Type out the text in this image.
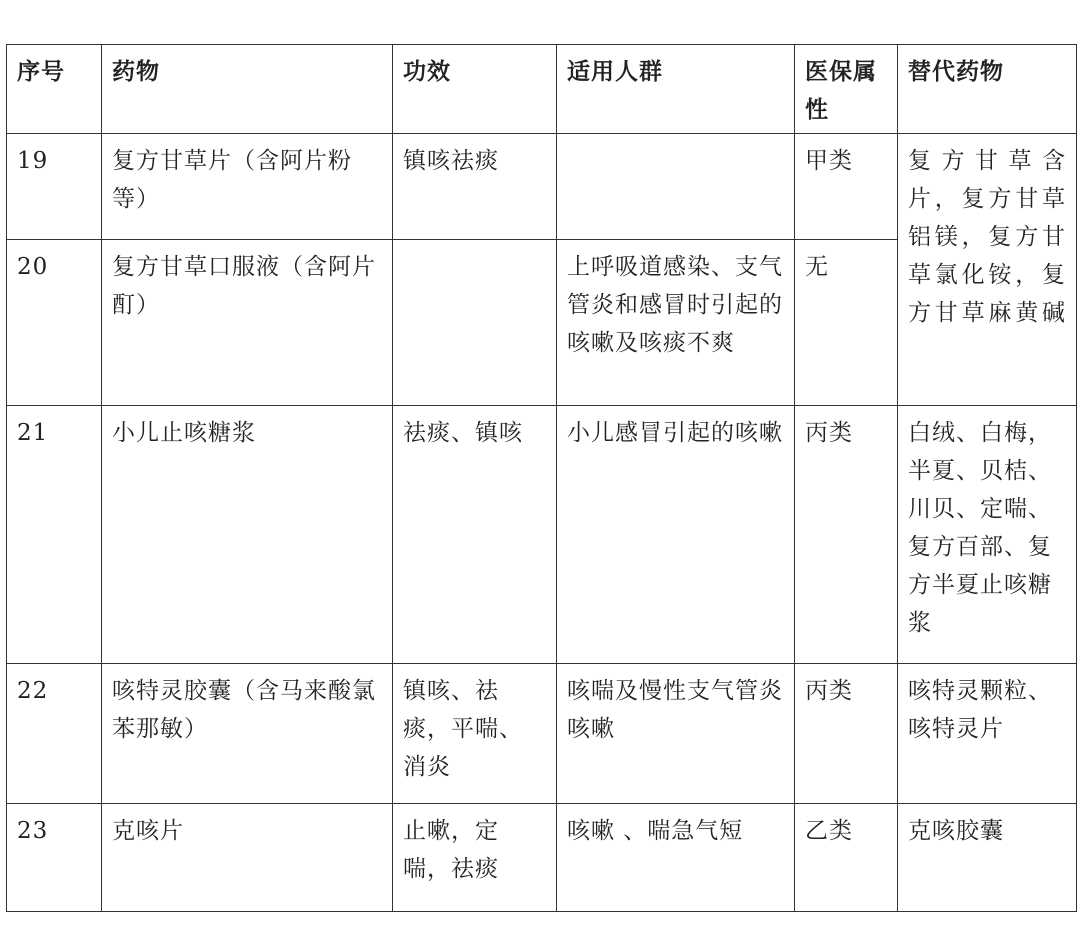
序号	药物	功效	适用人群	医保属性	替代药物
19	复方甘草片（含阿片粉等）	镇咳祛痰		甲类	复方甘草含片，复方甘草铝镁，复方甘草氯化铵，复方甘草麻黄碱
20	复方甘草口服液（含阿片酊）		上呼吸道感染、支气管炎和感冒时引起的咳嗽及咳痰不爽	无	
21	小儿止咳糖浆	祛痰、镇咳	小儿感冒引起的咳嗽	丙类	白绒、白梅，半夏、贝桔、川贝、定喘、复方百部、复方半夏止咳糖浆
22	咳特灵胶囊（含马来酸氯苯那敏）	镇咳、祛痰，平喘、消炎	咳喘及慢性支气管炎咳嗽	丙类	咳特灵颗粒、咳特灵片
23	克咳片	止嗽，定喘，祛痰	咳嗽 、喘急气短	乙类	克咳胶囊
